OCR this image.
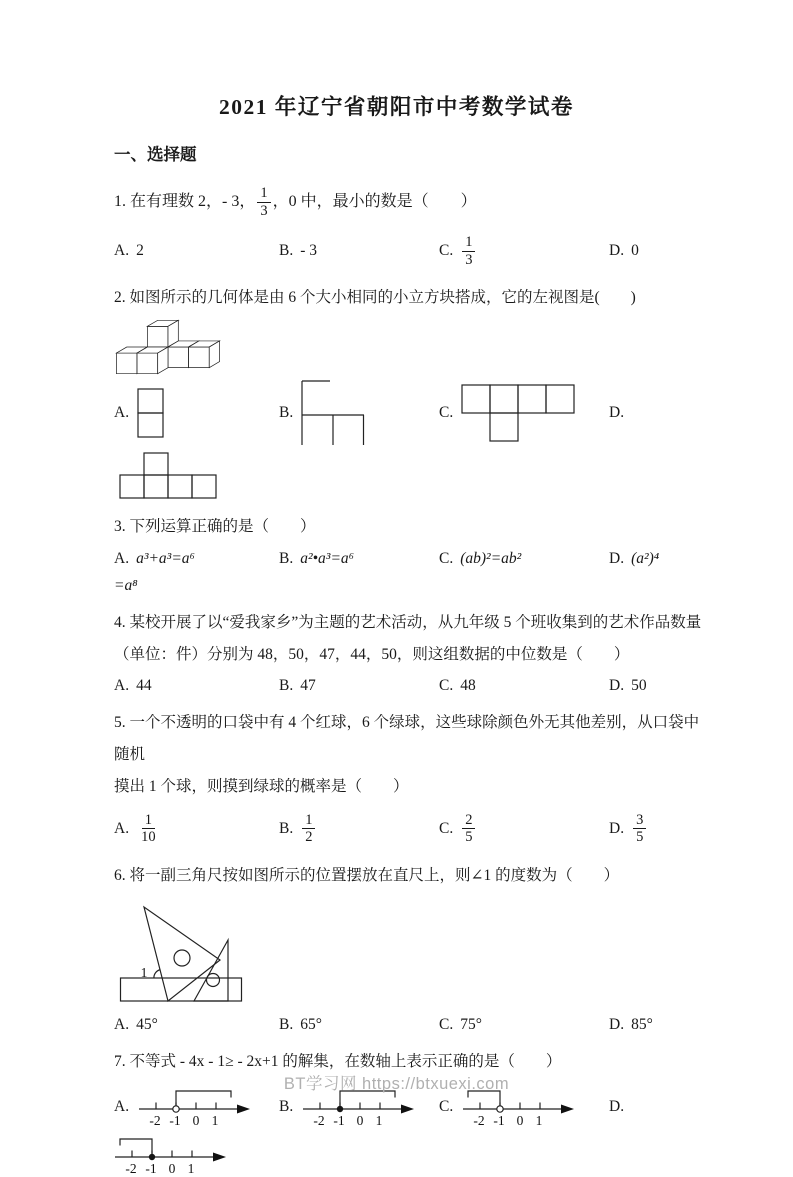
2021 年辽宁省朝阳市中考数学试卷
一、选择题
1. 在有理数 2，- 3， $\frac{1}{3}$ ，0 中，最小的数是（　　）
A. 2	B. - 3	C. $\frac{1}{3}$	D. 0
2. 如图所示的几何体是由 6 个大小相同的小立方块搭成，它的左视图是(　　)
A.	B.	C.	D.
3. 下列运算正确的是（　　）
A. a³+a³=a⁶	B. a²•a³=a⁶	C. (ab)²=ab²	D. (a²)⁴
=a⁸
4. 某校开展了以“爱我家乡”为主题的艺术活动，从九年级 5 个班收集到的艺术作品数量
（单位：件）分别为 48，50，47，44，50，则这组数据的中位数是（　　）
A. 44	B. 47	C. 48	D. 50
5. 一个不透明的口袋中有 4 个红球，6 个绿球，这些球除颜色外无其他差别，从口袋中随机
摸出 1 个球，则摸到绿球的概率是（　　）
A. $\frac{1}{10}$	B. $\frac{1}{2}$	C. $\frac{2}{5}$	D. $\frac{3}{5}$
6. 将一副三角尺按如图所示的位置摆放在直尺上，则∠1 的度数为（　　）
1
A. 45°	B. 65°	C. 75°	D. 85°
7. 不等式 - 4x - 1≥ - 2x+1 的解集，在数轴上表示正确的是（　　）
A.
-2 -1 0 1
B.
-2 -1 0 1
C.
-2 -1 0 1
D.
-2 -1 0 1
BT学习网 https://btxuexi.com
